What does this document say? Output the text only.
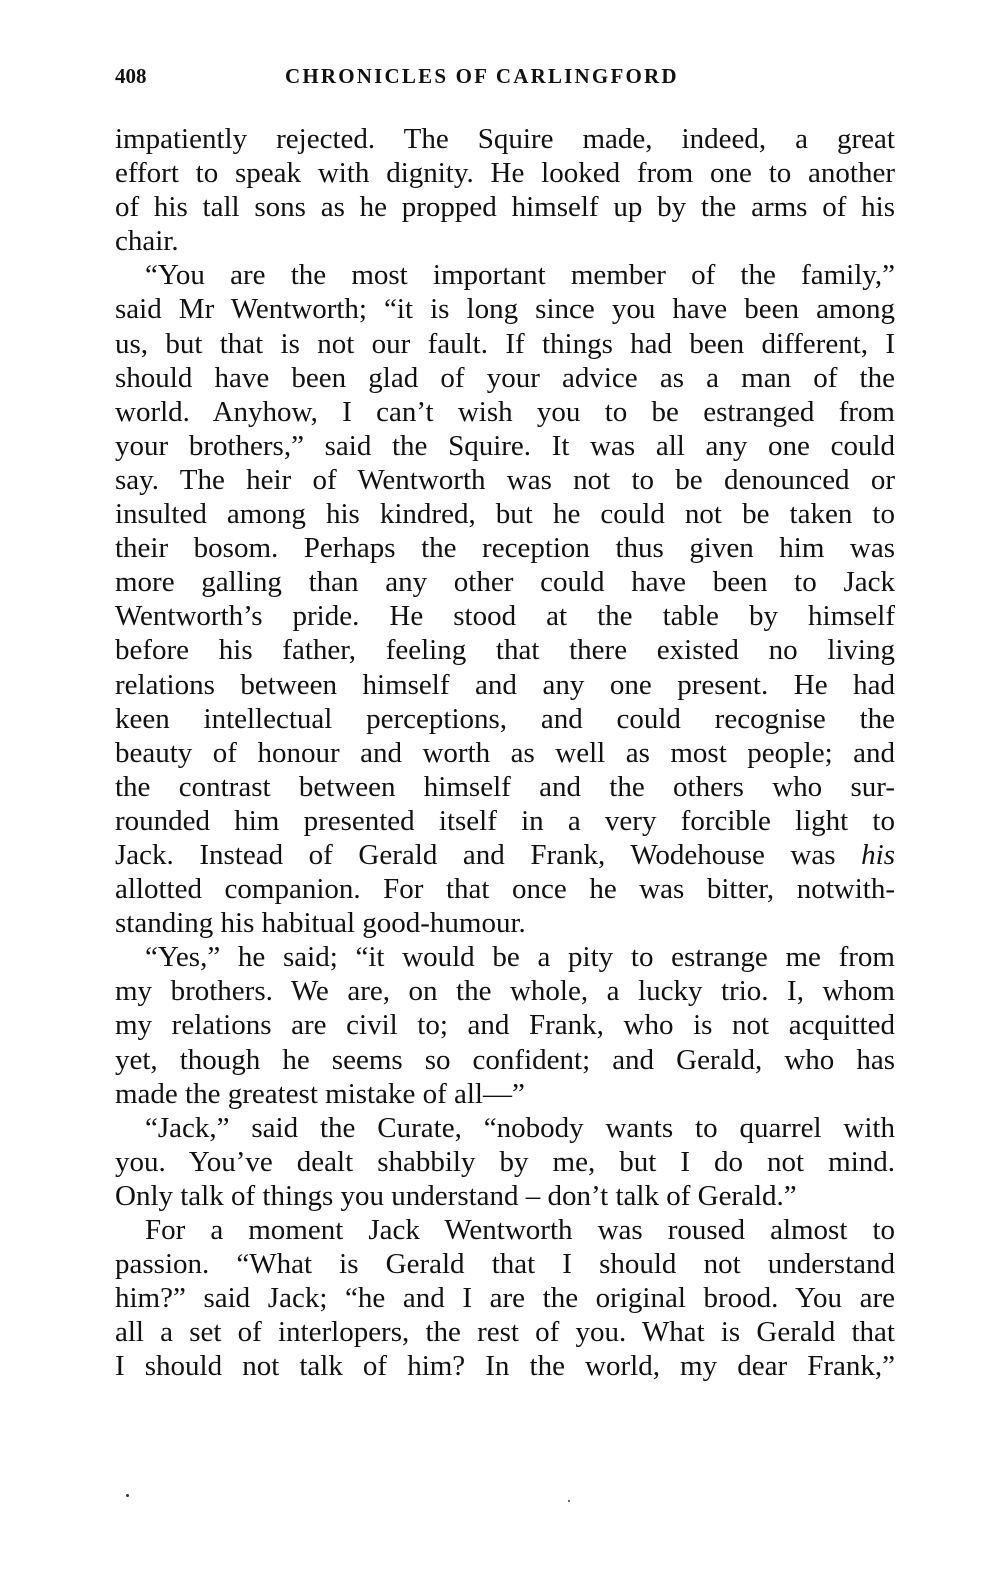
408	CHRONICLES OF CARLINGFORD
impatiently rejected. The Squire made, indeed, a great
effort to speak with dignity. He looked from one to another
of his tall sons as he propped himself up by the arms of his
chair.
“You are the most important member of the family,”
said Mr Wentworth; “it is long since you have been among
us, but that is not our fault. If things had been different, I
should have been glad of your advice as a man of the
world. Anyhow, I can’t wish you to be estranged from
your brothers,” said the Squire. It was all any one could
say. The heir of Wentworth was not to be denounced or
insulted among his kindred, but he could not be taken to
their bosom. Perhaps the reception thus given him was
more galling than any other could have been to Jack
Wentworth’s pride. He stood at the table by himself
before his father, feeling that there existed no living
relations between himself and any one present. He had
keen intellectual perceptions, and could recognise the
beauty of honour and worth as well as most people; and
the contrast between himself and the others who sur-
rounded him presented itself in a very forcible light to
Jack. Instead of Gerald and Frank, Wodehouse was his
allotted companion. For that once he was bitter, notwith-
standing his habitual good-humour.
“Yes,” he said; “it would be a pity to estrange me from
my brothers. We are, on the whole, a lucky trio. I, whom
my relations are civil to; and Frank, who is not acquitted
yet, though he seems so confident; and Gerald, who has
made the greatest mistake of all—”
“Jack,” said the Curate, “nobody wants to quarrel with
you. You’ve dealt shabbily by me, but I do not mind.
Only talk of things you understand – don’t talk of Gerald.”
For a moment Jack Wentworth was roused almost to
passion. “What is Gerald that I should not understand
him?” said Jack; “he and I are the original brood. You are
all a set of interlopers, the rest of you. What is Gerald that
I should not talk of him? In the world, my dear Frank,”
